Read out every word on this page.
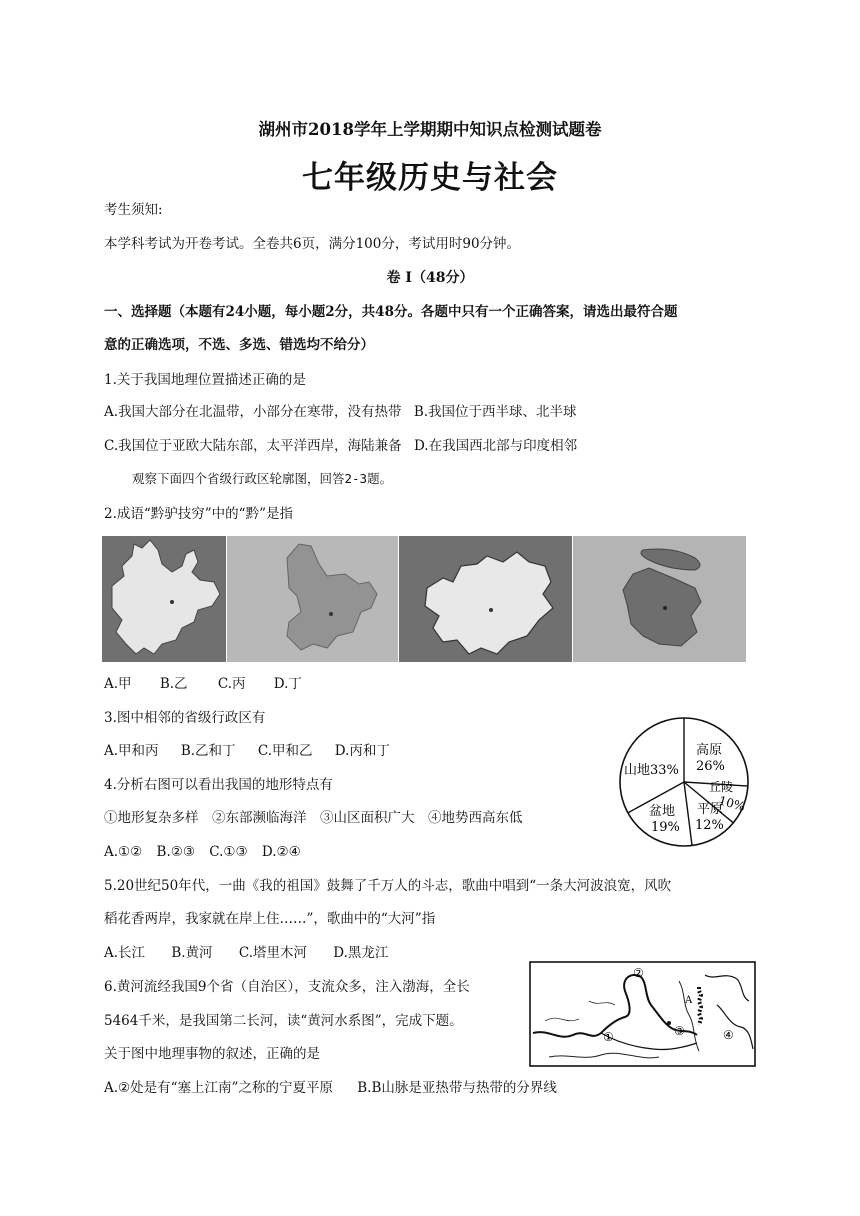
湖州市2018学年上学期期中知识点检测试题卷
七年级历史与社会
考生须知:
本学科考试为开卷考试。全卷共6页，满分100分，考试用时90分钟。
卷 Ⅰ（48分）
一、选择题（本题有24小题，每小题2分，共48分。各题中只有一个正确答案，请选出最符合题
意的正确选项，不选、多选、错选均不给分）
1.关于我国地理位置描述正确的是
A.我国大部分在北温带，小部分在寒带，没有热带 B.我国位于西半球、北半球
C.我国位于亚欧大陆东部，太平洋西岸，海陆兼备 D.在我国西北部与印度相邻
观察下面四个省级行政区轮廓图，回答2-3题。
2.成语“黔驴技穷”中的“黔”是指
A.甲 B.乙 C.丙 D.丁
3.图中相邻的省级行政区有
A.甲和丙 B.乙和丁 C.甲和乙 D.丙和丁
4.分析右图可以看出我国的地形特点有
①地形复杂多样　②东部濒临海洋　③山区面积广大　④地势西高东低
A.①② B.②③ C.①③ D.②④
山地33%
高原
26%
丘陵
10%
平原
12%
盆地
19%
5.20世纪50年代，一曲《我的祖国》鼓舞了千万人的斗志，歌曲中唱到“一条大河波浪宽，风吹
稻花香两岸，我家就在岸上住……”，歌曲中的“大河”指
A.长江 B.黄河 C.塔里木河 D.黑龙江
6.黄河流经我国9个省（自治区），支流众多，注入渤海，全长
5464千米，是我国第二长河，读“黄河水系图”，完成下题。
关于图中地理事物的叙述，正确的是
A.②处是有“塞上江南”之称的宁夏平原 B.B山脉是亚热带与热带的分界线
②
①	③	④
A
